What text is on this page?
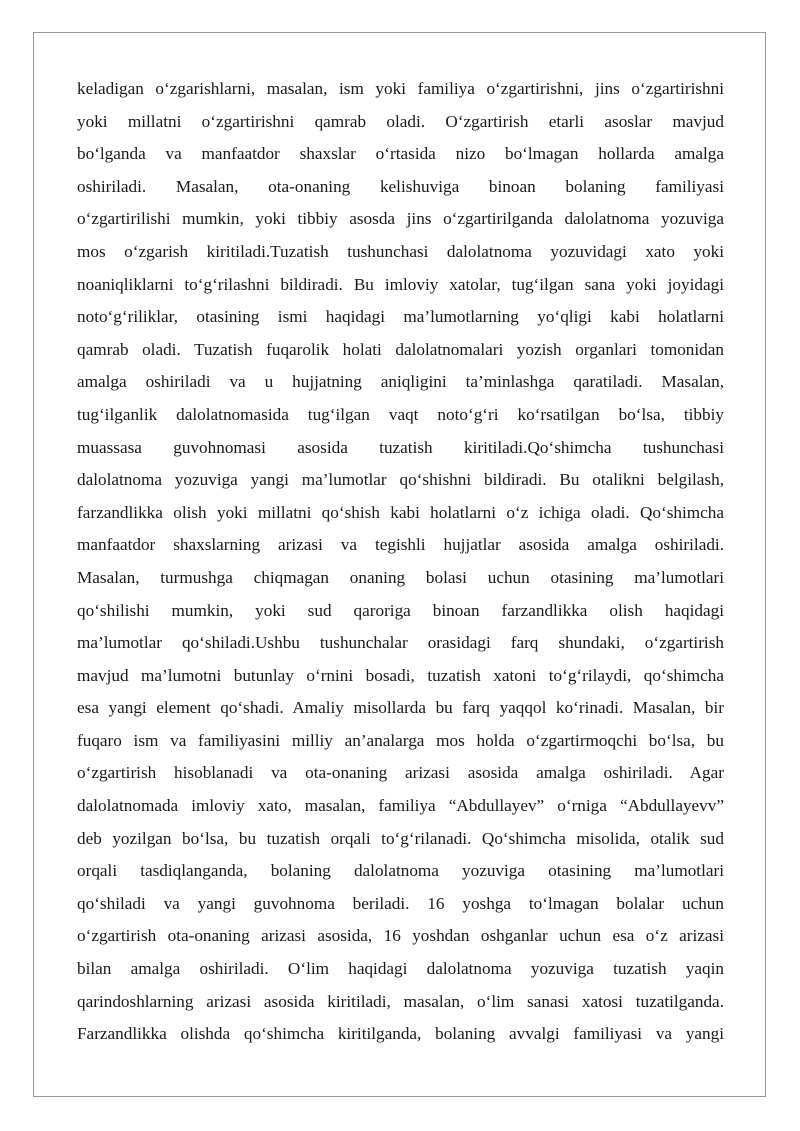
keladigan o‘zgarishlarni, masalan, ism yoki familiya o‘zgartirishni, jins o‘zgartirishni
yoki millatni o‘zgartirishni qamrab oladi. O‘zgartirish etarli asoslar mavjud
bo‘lganda va manfaatdor shaxslar o‘rtasida nizo bo‘lmagan hollarda amalga
oshiriladi. Masalan, ota-onaning kelishuviga binoan bolaning familiyasi
o‘zgartirilishi mumkin, yoki tibbiy asosda jins o‘zgartirilganda dalolatnoma yozuviga
mos o‘zgarish kiritiladi.Tuzatish tushunchasi dalolatnoma yozuvidagi xato yoki
noaniqliklarni to‘g‘rilashni bildiradi. Bu imloviy xatolar, tug‘ilgan sana yoki joyidagi
noto‘g‘riliklar, otasining ismi haqidagi ma’lumotlarning yo‘qligi kabi holatlarni
qamrab oladi. Tuzatish fuqarolik holati dalolatnomalari yozish organlari tomonidan
amalga oshiriladi va u hujjatning aniqligini ta’minlashga qaratiladi. Masalan,
tug‘ilganlik dalolatnomasida tug‘ilgan vaqt noto‘g‘ri ko‘rsatilgan bo‘lsa, tibbiy
muassasa guvohnomasi asosida tuzatish kiritiladi.Qo‘shimcha tushunchasi
dalolatnoma yozuviga yangi ma’lumotlar qo‘shishni bildiradi. Bu otalikni belgilash,
farzandlikka olish yoki millatni qo‘shish kabi holatlarni o‘z ichiga oladi. Qo‘shimcha
manfaatdor shaxslarning arizasi va tegishli hujjatlar asosida amalga oshiriladi.
Masalan, turmushga chiqmagan onaning bolasi uchun otasining ma’lumotlari
qo‘shilishi mumkin, yoki sud qaroriga binoan farzandlikka olish haqidagi
ma’lumotlar qo‘shiladi.Ushbu tushunchalar orasidagi farq shundaki, o‘zgartirish
mavjud ma’lumotni butunlay o‘rnini bosadi, tuzatish xatoni to‘g‘rilaydi, qo‘shimcha
esa yangi element qo‘shadi. Amaliy misollarda bu farq yaqqol ko‘rinadi. Masalan, bir
fuqaro ism va familiyasini milliy an’analarga mos holda o‘zgartirmoqchi bo‘lsa, bu
o‘zgartirish hisoblanadi va ota-onaning arizasi asosida amalga oshiriladi. Agar
dalolatnomada imloviy xato, masalan, familiya “Abdullayev” o‘rniga “Abdullayevv”
deb yozilgan bo‘lsa, bu tuzatish orqali to‘g‘rilanadi. Qo‘shimcha misolida, otalik sud
orqali tasdiqlanganda, bolaning dalolatnoma yozuviga otasining ma’lumotlari
qo‘shiladi va yangi guvohnoma beriladi. 16 yoshga to‘lmagan bolalar uchun
o‘zgartirish ota-onaning arizasi asosida, 16 yoshdan oshganlar uchun esa o‘z arizasi
bilan amalga oshiriladi. O‘lim haqidagi dalolatnoma yozuviga tuzatish yaqin
qarindoshlarning arizasi asosida kiritiladi, masalan, o‘lim sanasi xatosi tuzatilganda.
Farzandlikka olishda qo‘shimcha kiritilganda, bolaning avvalgi familiyasi va yangi
